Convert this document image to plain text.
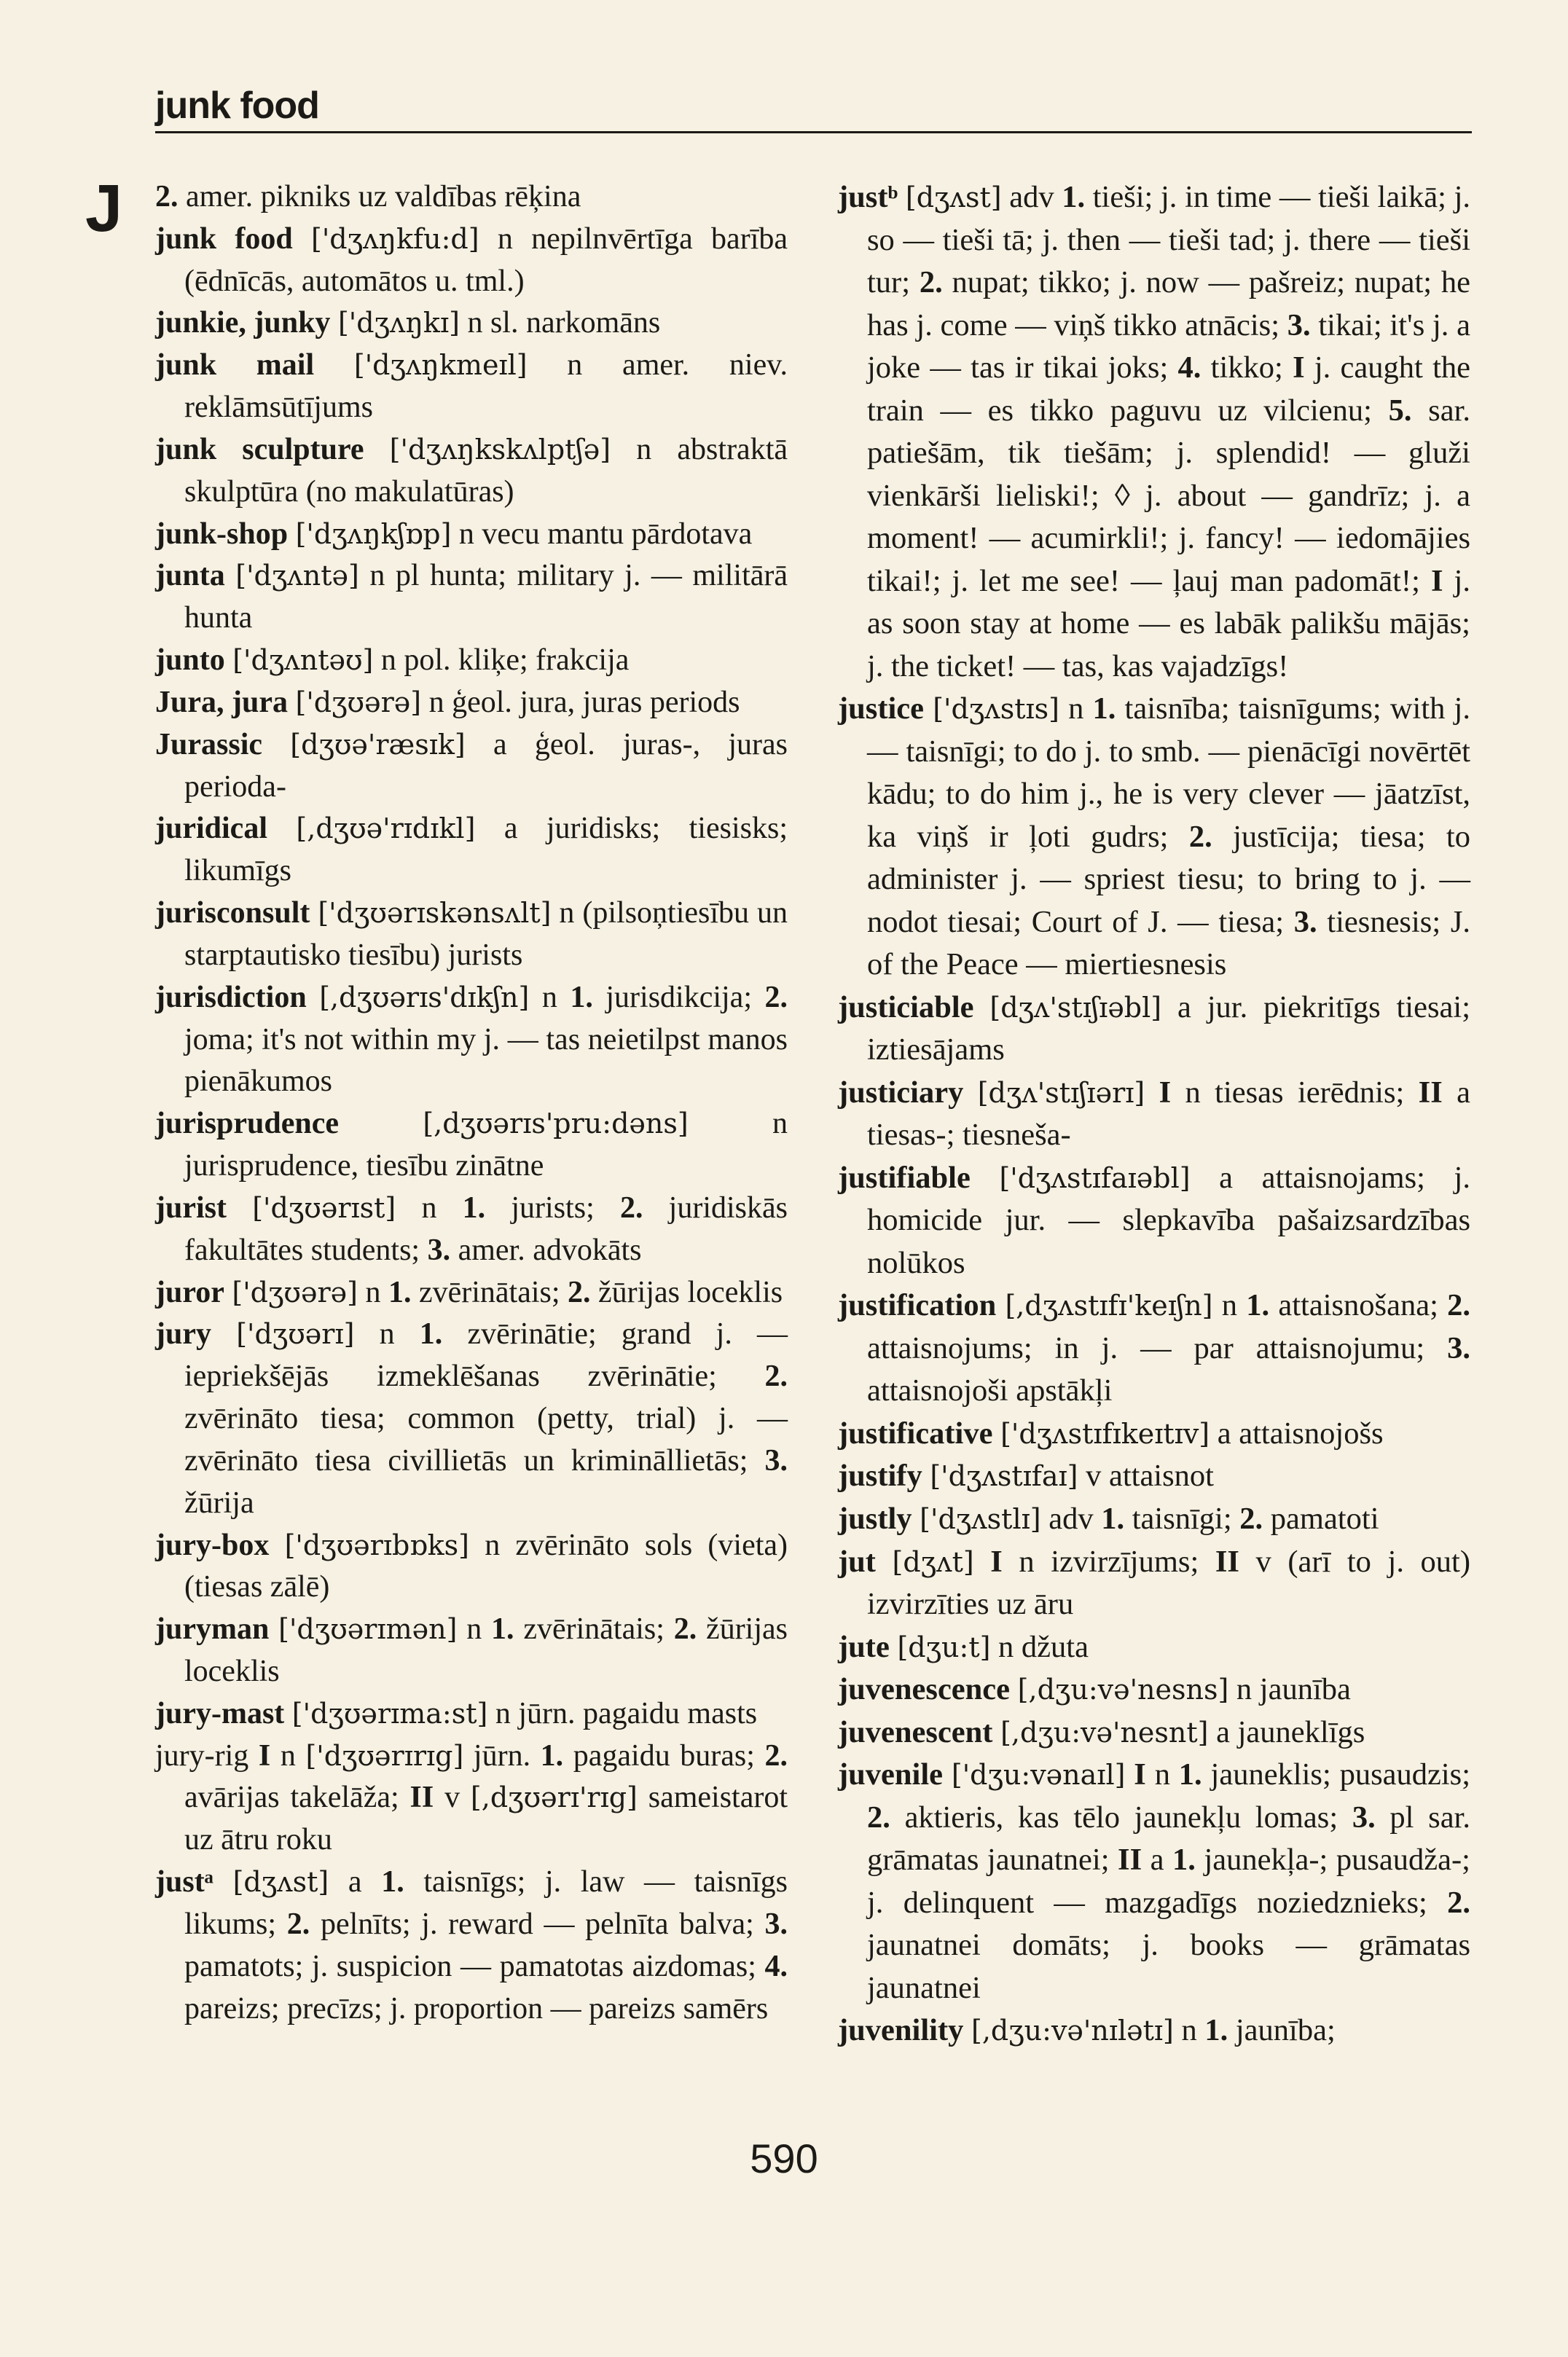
junk food
J 2. amer. pikniks uz valdības rēķina

junk food ['dʒʌŋkfu:d] n nepilnvērtīga barība (ēdnīcās, automātos u. tml.)

junkie, junky ['dʒʌŋkɪ] n sl. narkomāns

junk mail ['dʒʌŋkmeɪl] n amer. niev. reklāmsūtījums

junk sculpture ['dʒʌŋkskʌlptʃə] n abstraktā skulptūra (no makulatūras)

junk-shop ['dʒʌŋkʃɒp] n vecu mantu pārdotava

junta ['dʒʌntə] n pl hunta; military j. — militārā hunta

junto ['dʒʌntəʊ] n pol. kliķe; frakcija

Jura, jura ['dʒʊərə] n ģeol. jura, juras periods

Jurassic [dʒʊə'ræsɪk] a ģeol. juras-, juras perioda-

juridical [,dʒʊə'rɪdɪkl] a juridisks; tiesisks; likumīgs

jurisconsult ['dʒʊərɪskənsʌlt] n (pilsoņtiesību un starptautisko tiesību) jurists

jurisdiction [,dʒʊərɪs'dɪkʃn] n 1. jurisdikcija; 2. joma; it's not within my j. — tas neietilpst manos pienākumos

jurisprudence	[,dʒʊərɪs'pru:dəns] n jurisprudence, tiesību zinātne

jurist ['dʒʊərɪst] n 1. jurists; 2. juridiskās fakultātes students; 3. amer. advokāts

juror ['dʒʊərə] n 1. zvērinātais; 2. žūrijas loceklis

jury ['dʒʊərɪ] n 1. zvērinātie; grand j. — iepriekšējās izmeklēšanas zvērinātie; 2. zvērināto tiesa; common (petty, trial) j. — zvērināto tiesa civillietās un krimināllietās; 3. žūrija

jury-box ['dʒʊərɪbɒks] n zvērināto sols (vieta) (tiesas zālē)

juryman ['dʒʊərɪmən] n 1. zvērinātais; 2. žūrijas loceklis

jury-mast ['dʒʊərɪma:st] n jūrn. pagaidu masts

jury-rig I n ['dʒʊərɪrɪg] jūrn. 1. pagaidu buras; 2. avārijas takelāža; II v [,dʒʊərɪ'rɪg] sameistarot uz ātru roku

justᵃ [dʒʌst] a 1. taisnīgs; j. law — taisnīgs likums; 2. pelnīts; j. reward — pelnīta balva; 3. pamatots; j. suspicion — pamatotas aizdomas; 4. pareizs; precīzs; j. proportion — pareizs samērs

justᵇ [dʒʌst] adv 1. tieši; j. in time — tieši laikā; j. so — tieši tā; j. then — tieši tad; j. there — tieši tur; 2. nupat; tikko; j. now — pašreiz; nupat; he has j. come — viņš tikko atnācis; 3. tikai; it's j. a joke — tas ir tikai joks; 4. tikko; I j. caught the train — es tikko paguvu uz vilcienu; 5. sar. patiešām, tik tiešām; j. splendid! — gluži vienkārši lieliski!; ◊ j. about — gandrīz; j. a moment! — acumirkli!; j. fancy! — iedomājies tikai!; j. let me see! — ļauj man padomāt!; I j. as soon stay at home — es labāk palikšu mājās; j. the ticket! — tas, kas vajadzīgs!

justice ['dʒʌstɪs] n 1. taisnība; taisnīgums; with j. — taisnīgi; to do j. to smb. — pienācīgi novērtēt kādu; to do him j., he is very clever — jāatzīst, ka viņš ir ļoti gudrs; 2. justīcija; tiesa; to administer j. — spriest tiesu; to bring to j. — nodot tiesai; Court of J. — tiesa; 3. tiesnesis; J. of the Peace — miertiesnesis

justiciable [dʒʌ'stɪʃɪəbl] a jur. piekritīgs tiesai; iztiesājams

justiciary [dʒʌ'stɪʃɪərɪ] I n tiesas ierēdnis; II a tiesas-; tiesneša-

justifiable ['dʒʌstɪfaɪəbl] a attaisnojams; j. homicide jur. — slepkavība pašaizsardzības nolūkos

justification [,dʒʌstɪfɪ'keɪʃn] n 1. attaisnošana; 2. attaisnojums; in j. — par attaisnojumu; 3. attaisnojoši apstākļi

justificative ['dʒʌstɪfɪkeɪtɪv] a attaisnojošs

justify ['dʒʌstɪfaɪ] v attaisnot

justly ['dʒʌstlɪ] adv 1. taisnīgi; 2. pamatoti

jut [dʒʌt] I n izvirzījums; II v (arī to j. out) izvirzīties uz āru

jute [dʒu:t] n džuta

juvenescence [,dʒu:və'nesns] n jaunība

juvenescent [,dʒu:və'nesnt] a jauneklīgs

juvenile ['dʒu:vənaɪl] I n 1. jauneklis; pusaudzis; 2. aktieris, kas tēlo jaunekļu lomas; 3. pl sar. grāmatas jaunatnei; II a 1. jaunekļa-; pusaudža-; j. delinquent — mazgadīgs noziedznieks; 2. jaunatnei domāts; j. books — grāmatas jaunatnei

juvenility [,dʒu:və'nɪlətɪ] n 1. jaunība;

590
